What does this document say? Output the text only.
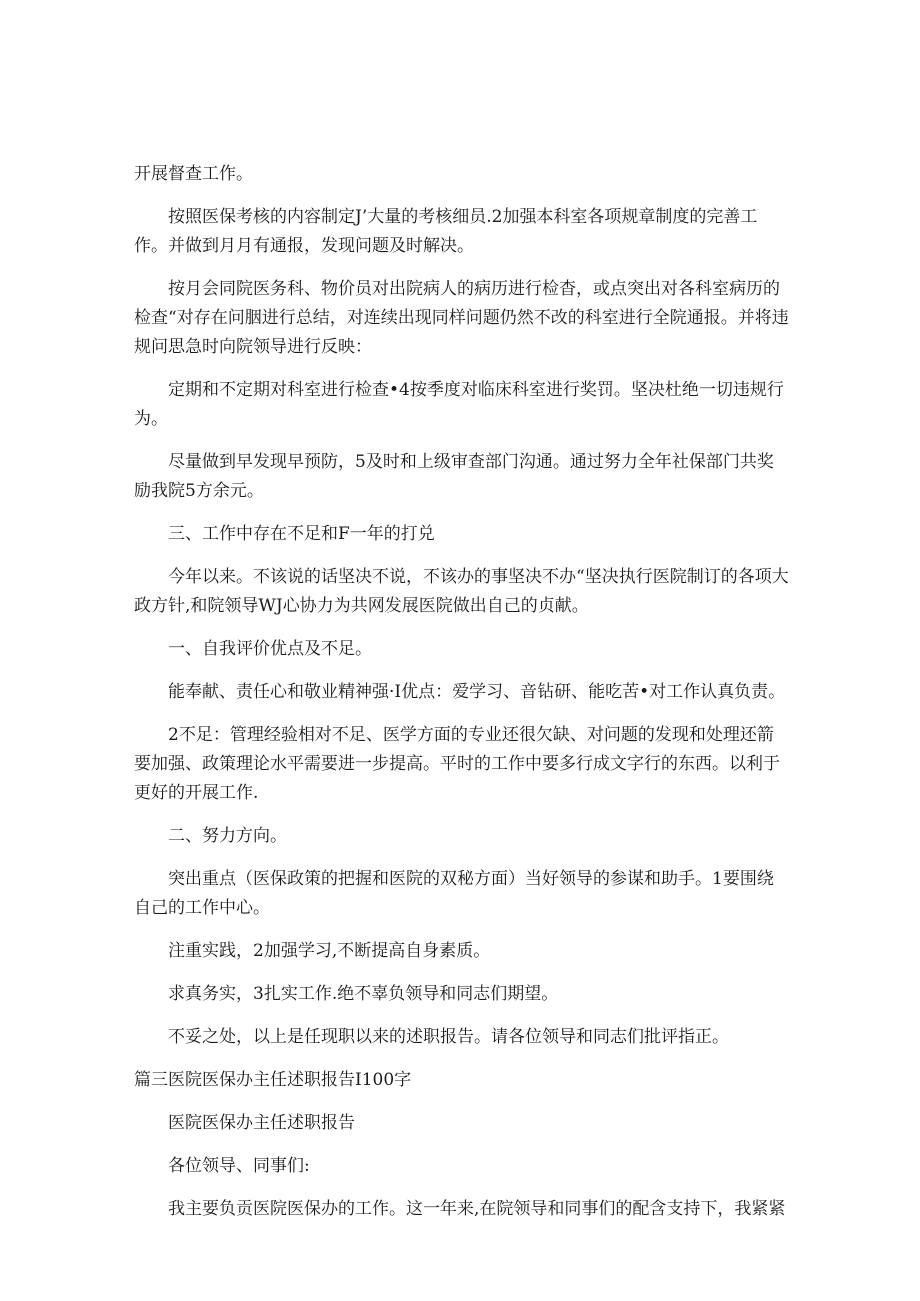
开展督查工作。

按照医保考核的内容制定J’大量的考核细员.2加强本科室各项规章制度的完善工作。并做到月月有通报，发现问题及时解决。

按月会同院医务科、物价员对出院病人的病历进行检杳，或点突出对各科室病历的检查“对存在问胭进行总结，对连续出现同样问题仍然不改的科室进行全院通报。并将违规问思急时向院领导进行反映：

定期和不定期对科室进行检查•4按季度对临床科室进行奖罚。坚决杜绝一切违规行为。

尽量做到早发现早预防，5及时和上级审查部门沟通。通过努力全年社保部门共奖励我院5方余元。

三、工作中存在不足和F一年的打兑

今年以来。不该说的话坚决不说，不该办的事坚决不办“坚决执行医院制订的各项大政方针,和院领导WJ心协力为共网发展医院做出自己的贞献。

一、自我评价优点及不足。

能奉献、责任心和敬业精神强·I优点：爱学习、音钻研、能吃苦•对工作认真负责。

2不足：管理经验相对不足、医学方面的专业还很欠缺、对问题的发现和处理还箭要加强、政策理论水平需要进一步提高。平时的工作中要多行成文字行的东西。以利于更好的开展工作.

二、努力方向。

突出重点（医保政策的把握和医院的双秘方面）当好领导的参谋和助手。1要围绕自己的工作中心。

注重实践，2加强学习,不断提高自身素质。

求真务实，3扎实工作.绝不辜负领导和同志们期望。

不妥之处，以上是任现职以来的述职报告。请各位领导和同志们批评指正。

篇三医院医保办主任述职报告I100字

医院医保办主任述职报告

各位领导、同事们:

我主要负贡医院医保办的工作。这一年来,在院领导和同事们的配含支持下，我紧紧
